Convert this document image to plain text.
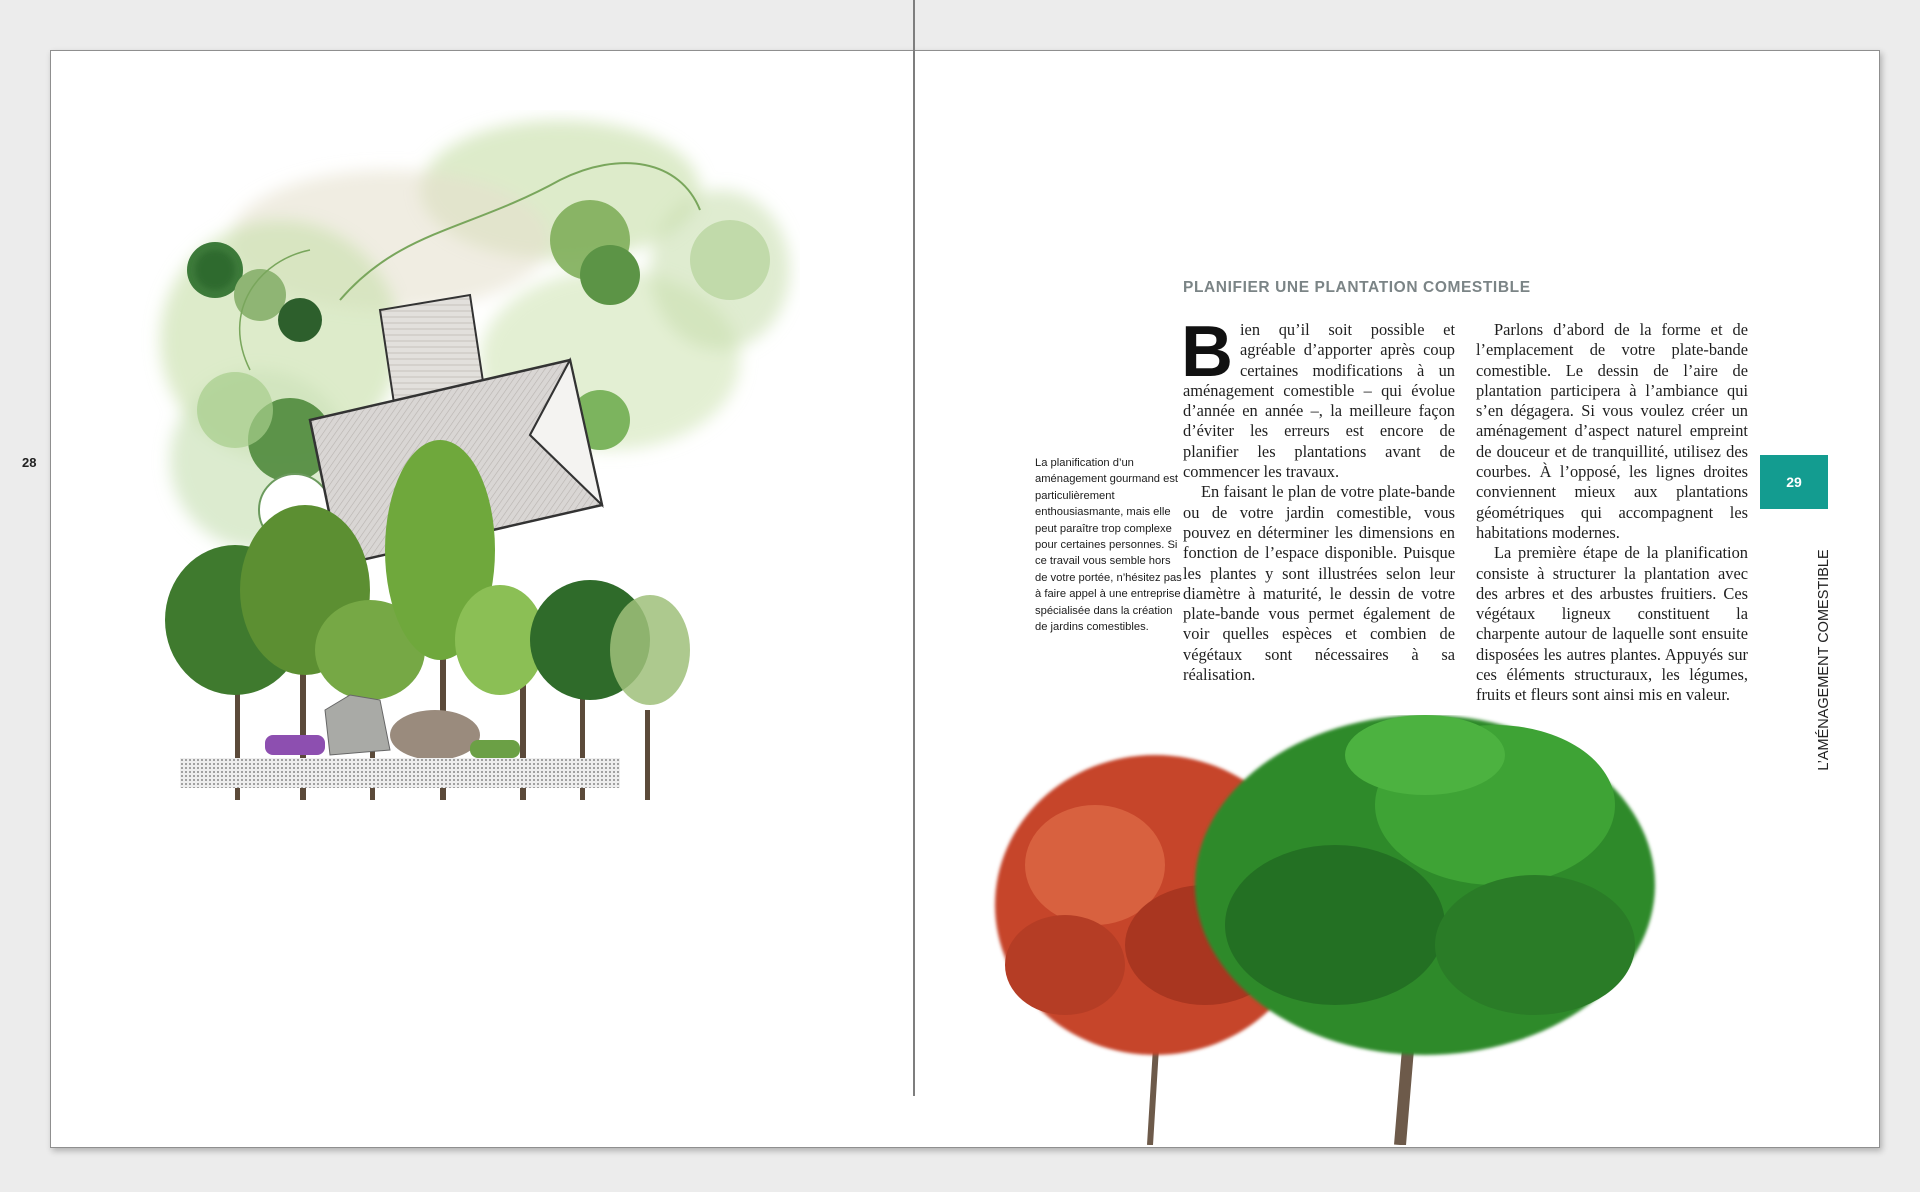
28	La planification d’un aménagement gourmand est particulièrement enthousiasmante, mais elle peut paraître trop complexe pour certaines personnes. Si ce travail vous semble hors de votre portée, n’hésitez pas à faire appel à une entreprise spécialisée dans la création de jardins comestibles.
PLANIFIER UNE PLANTATION COMESTIBLE

Bien qu’il soit possible et agréable d’apporter après coup certaines modifications à un aménagement comestible – qui évolue d’année en année –, la meilleure façon d’éviter les erreurs est encore de planifier les plantations avant de commencer les travaux.

En faisant le plan de votre plate-bande ou de votre jardin comestible, vous pouvez en déterminer les dimensions en fonction de l’espace disponible. Puisque les plantes y sont illustrées selon leur diamètre à maturité, le dessin de votre plate-bande vous permet également de voir quelles espèces et combien de végétaux sont nécessaires à sa réalisation.

Parlons d’abord de la forme et de l’emplacement de votre plate-bande comestible. Le dessin de l’aire de plantation participera à l’ambiance qui s’en dégagera. Si vous voulez créer un aménagement d’aspect naturel empreint de douceur et de tranquillité, utilisez des courbes. À l’opposé, les lignes droites conviennent mieux aux plantations géométriques qui accompagnent les habitations modernes.

La première étape de la planification consiste à structurer la plantation avec des arbres et des arbustes fruitiers. Ces végétaux ligneux constituent la charpente autour de laquelle sont ensuite disposées les autres plantes. Appuyés sur ces éléments structuraux, les légumes, fruits et fleurs sont ainsi mis en valeur.

29
L’AMÉNAGEMENT COMESTIBLE
